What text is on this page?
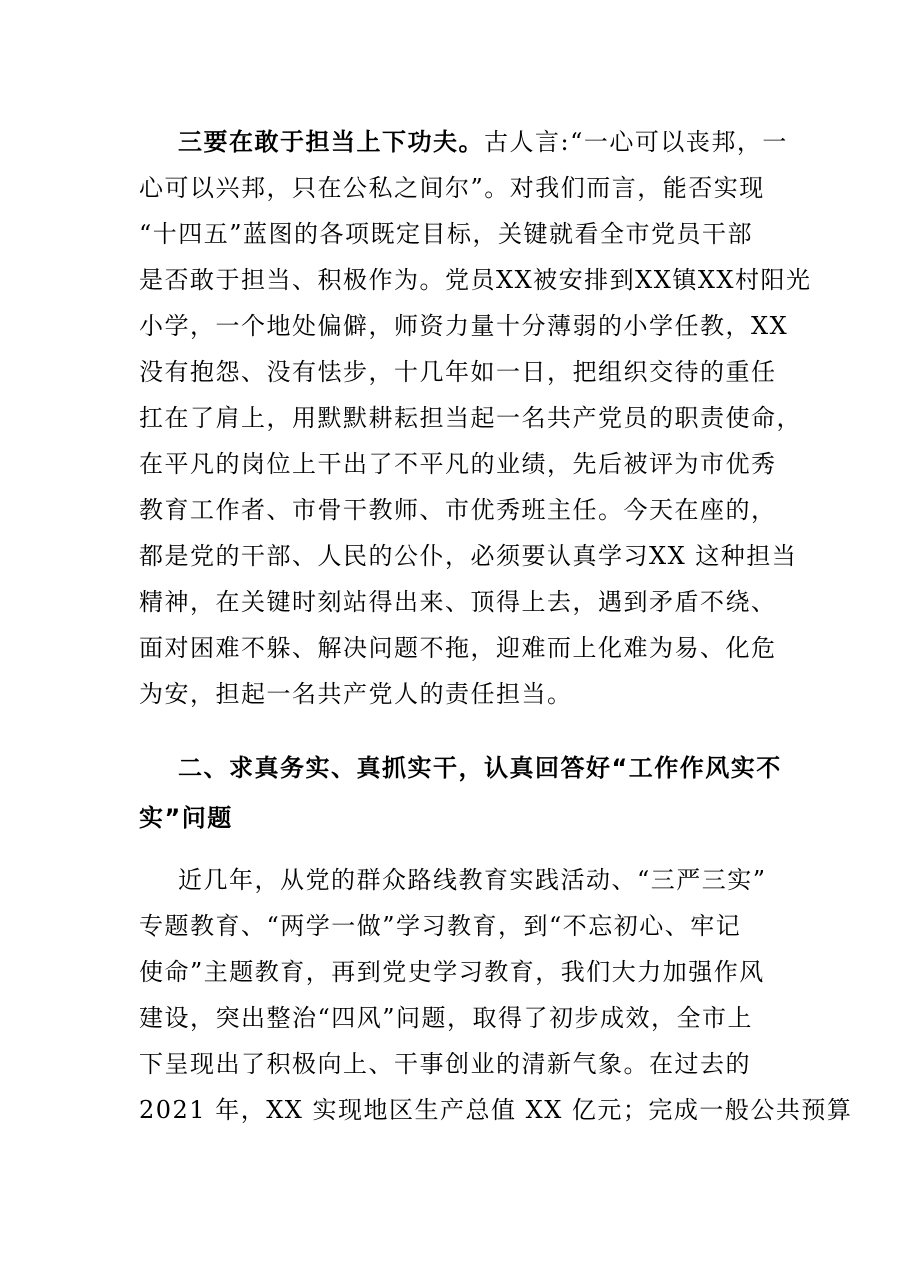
三要在敢于担当上下功夫。古人言:“一心可以丧邦，一
心可以兴邦，只在公私之间尔”。对我们而言，能否实现
“十四五”蓝图的各项既定目标，关键就看全市党员干部
是否敢于担当、积极作为。党员XX被安排到XX镇XX村阳光
小学，一个地处偏僻，师资力量十分薄弱的小学任教，XX
没有抱怨、没有怯步，十几年如一日，把组织交待的重任
扛在了肩上，用默默耕耘担当起一名共产党员的职责使命，
在平凡的岗位上干出了不平凡的业绩，先后被评为市优秀
教育工作者、市骨干教师、市优秀班主任。今天在座的，
都是党的干部、人民的公仆，必须要认真学习XX 这种担当
精神，在关键时刻站得出来、顶得上去，遇到矛盾不绕、
面对困难不躲、解决问题不拖，迎难而上化难为易、化危
为安，担起一名共产党人的责任担当。
二、求真务实、真抓实干，认真回答好“工作作风实不
实”问题
近几年，从党的群众路线教育实践活动、“三严三实”
专题教育、“两学一做”学习教育，到“不忘初心、牢记
使命”主题教育，再到党史学习教育，我们大力加强作风
建设，突出整治“四风”问题，取得了初步成效，全市上
下呈现出了积极向上、干事创业的清新气象。在过去的
2021 年，XX 实现地区生产总值 XX 亿元；完成一般公共预算
